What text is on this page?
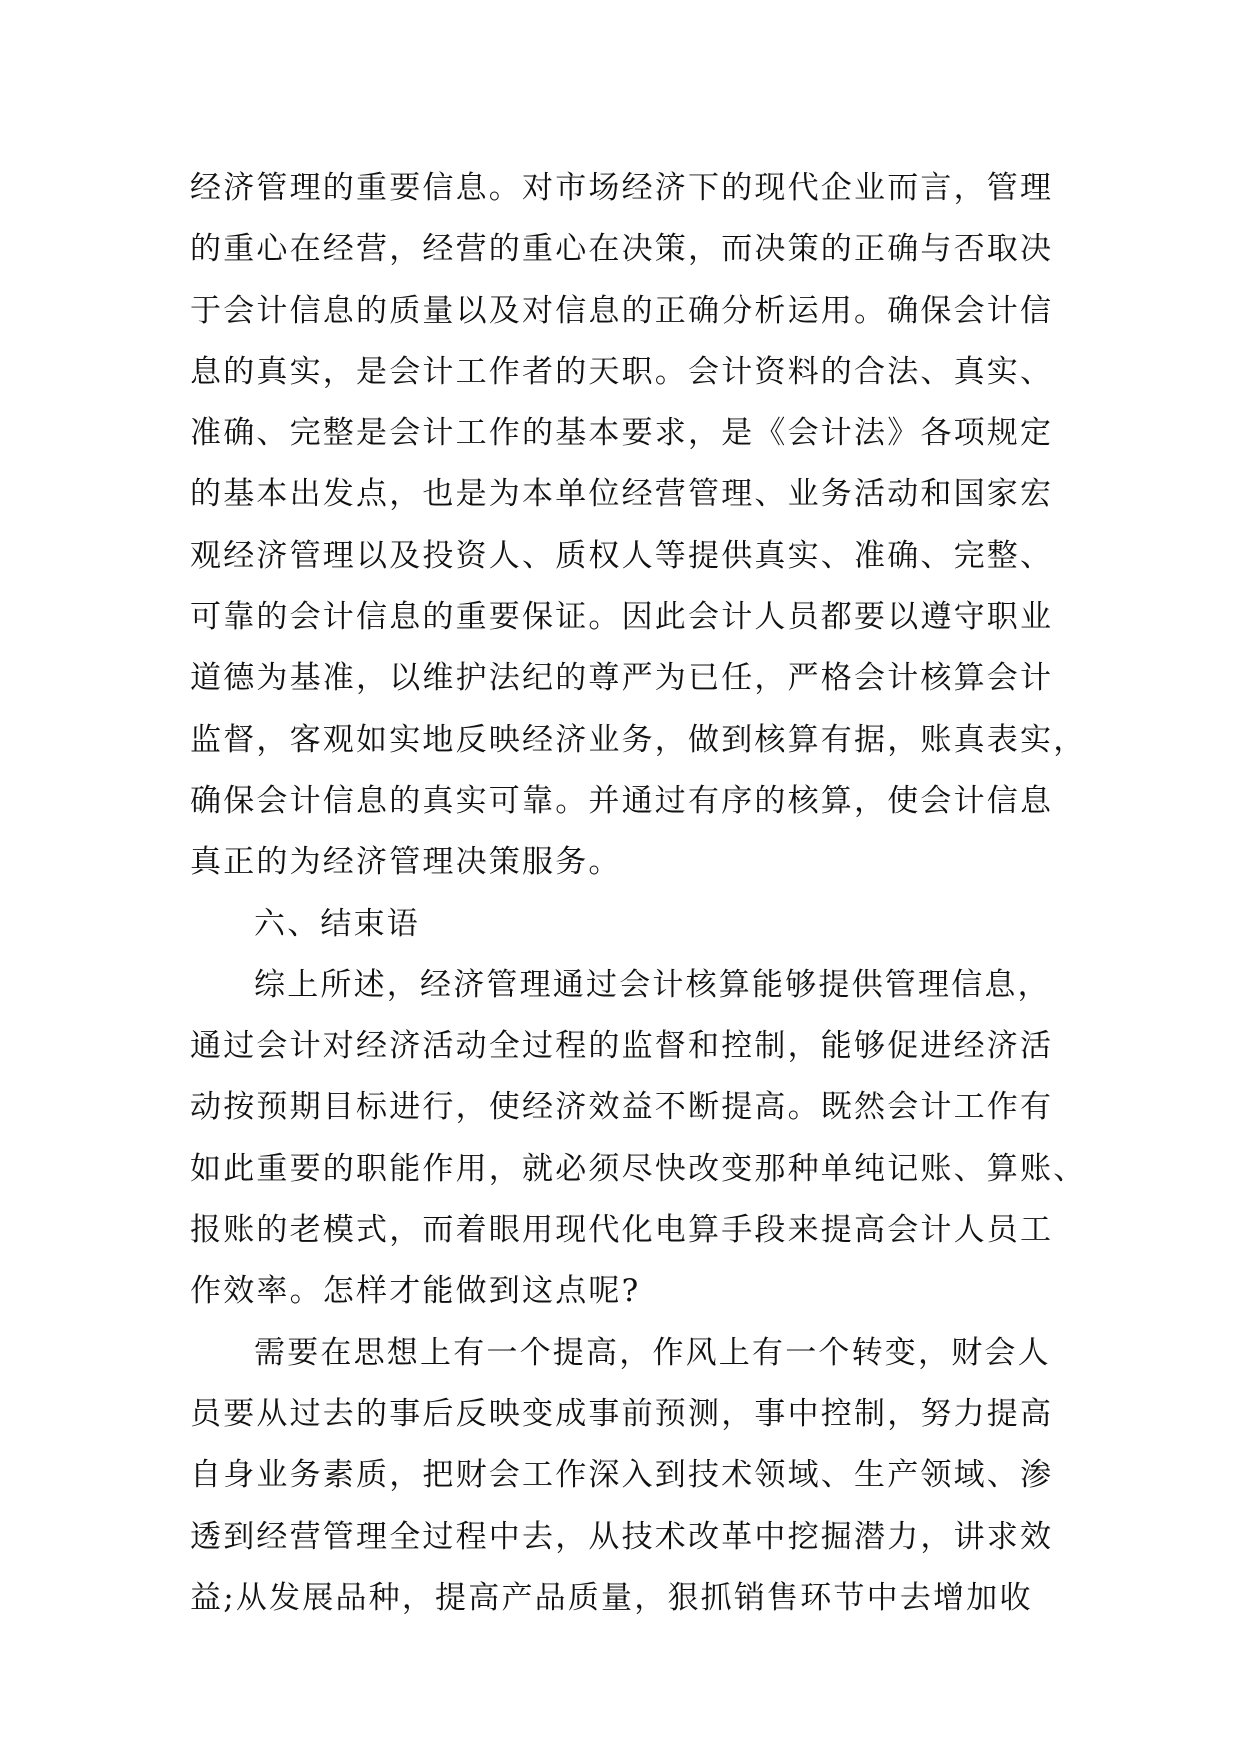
经济管理的重要信息。对市场经济下的现代企业而言，管理
的重心在经营，经营的重心在决策，而决策的正确与否取决
于会计信息的质量以及对信息的正确分析运用。确保会计信
息的真实，是会计工作者的天职。会计资料的合法、真实、
准确、完整是会计工作的基本要求，是《会计法》各项规定
的基本出发点，也是为本单位经营管理、业务活动和国家宏
观经济管理以及投资人、质权人等提供真实、准确、完整、
可靠的会计信息的重要保证。因此会计人员都要以遵守职业
道德为基准，以维护法纪的尊严为已任，严格会计核算会计
监督，客观如实地反映经济业务，做到核算有据，账真表实，
确保会计信息的真实可靠。并通过有序的核算，使会计信息
真正的为经济管理决策服务。
六、结束语
综上所述，经济管理通过会计核算能够提供管理信息，
通过会计对经济活动全过程的监督和控制，能够促进经济活
动按预期目标进行，使经济效益不断提高。既然会计工作有
如此重要的职能作用，就必须尽快改变那种单纯记账、算账、
报账的老模式，而着眼用现代化电算手段来提高会计人员工
作效率。怎样才能做到这点呢?
需要在思想上有一个提高，作风上有一个转变，财会人
员要从过去的事后反映变成事前预测，事中控制，努力提高
自身业务素质，把财会工作深入到技术领域、生产领域、渗
透到经营管理全过程中去，从技术改革中挖掘潜力，讲求效
益;从发展品种，提高产品质量，狠抓销售环节中去增加收
